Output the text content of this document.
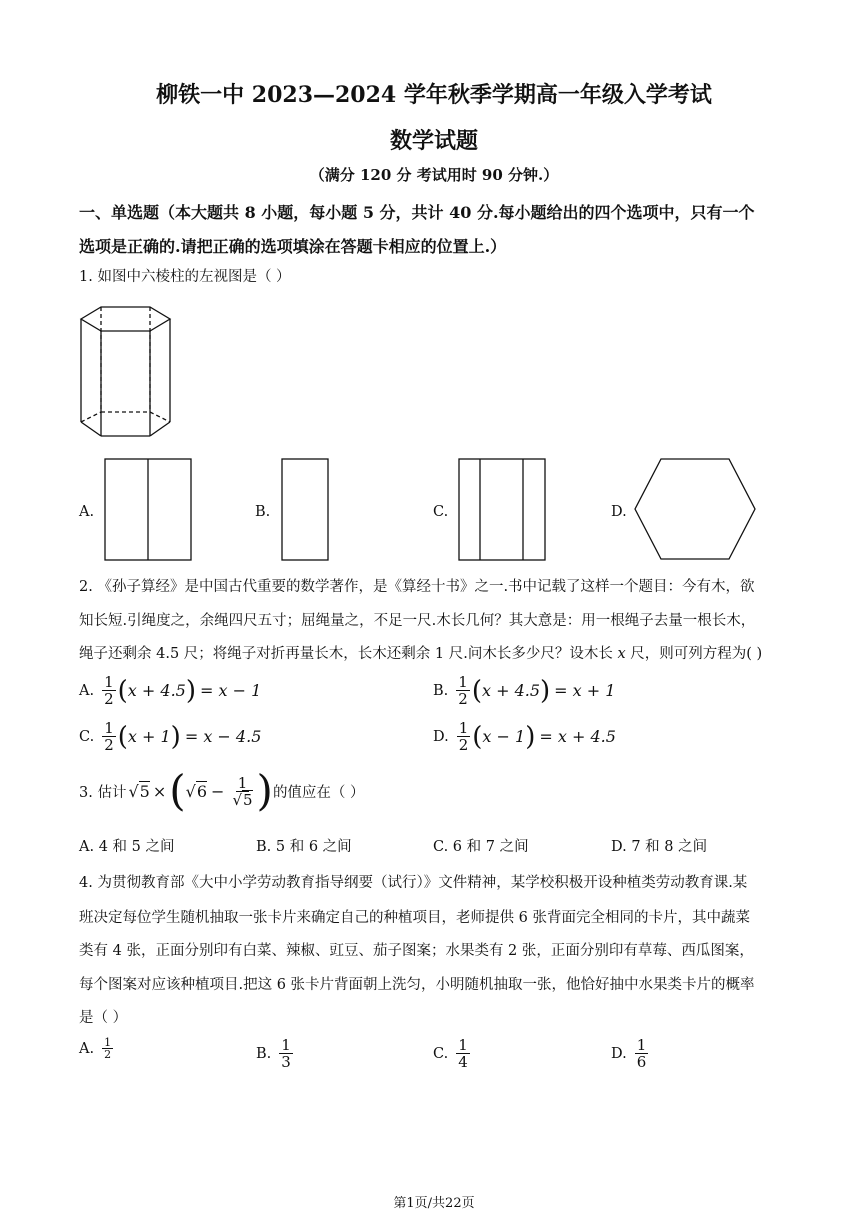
柳铁一中 2023—2024 学年秋季学期高一年级入学考试
数学试题
（满分 120 分 考试用时 90 分钟.）
一、单选题（本大题共 8 小题，每小题 5 分，共计 40 分.每小题给出的四个选项中，只有一个
选项是正确的.请把正确的选项填涂在答题卡相应的位置上.）
1. 如图中六棱柱的左视图是（ ）
A.	B.	C.	D.
2. 《孙子算经》是中国古代重要的数学著作，是《算经十书》之一.书中记载了这样一个题目：今有木，欲
知长短.引绳度之，余绳四尺五寸；屈绳量之，不足一尺.木长几何？其大意是：用一根绳子去量一根长木，
绳子还剩余 4.5 尺；将绳子对折再量长木，长木还剩余 1 尺.问木长多少尺？设木长 x 尺，则可列方程为( )
A. $\frac{1}{2}$ ( x + 4.5 ) = x − 1	B. $\frac{1}{2}$ ( x + 4.5 ) = x + 1
C. $\frac{1}{2}$ ( x + 1 ) = x − 4.5	D. $\frac{1}{2}$ ( x − 1 ) = x + 4.5
3. 估计 √ 5 × ( √ $6 - \frac{1}{√5}$ ) 的值应在（ ）
A. 4 和 5 之间	B. 5 和 6 之间	C. 6 和 7 之间	D. 7 和 8 之间
4. 为贯彻教育部《大中小学劳动教育指导纲要（试行）》文件精神，某学校积极开设种植类劳动教育课.某
班决定每位学生随机抽取一张卡片来确定自己的种植项目，老师提供 6 张背面完全相同的卡片，其中蔬菜
类有 4 张，正面分别印有白菜、辣椒、豇豆、茄子图案；水果类有 2 张，正面分别印有草莓、西瓜图案，
每个图案对应该种植项目.把这 6 张卡片背面朝上洗匀，小明随机抽取一张，他恰好抽中水果类卡片的概率
是（ ）
A. $\frac{1}{2}$	B. $\frac{1}{3}$	C. $\frac{1}{4}$	D. $\frac{1}{6}$
第1页/共22页
